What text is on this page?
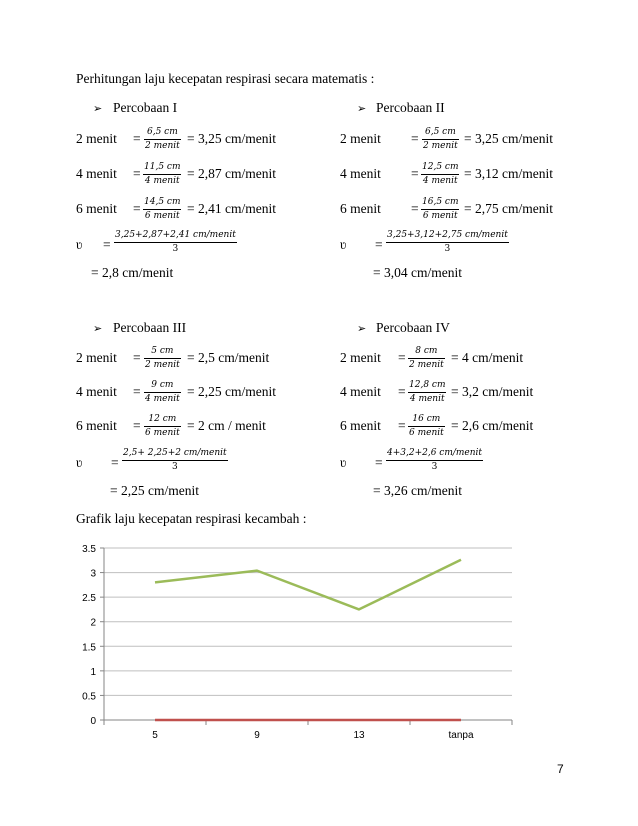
Perhitungan laju kecepatan respirasi secara matematis :
➢ Percobaan I
2 menit = 6,5 cm
2 menit = 3,25 cm/menit
4 menit = 11,5 cm
4 menit = 2,87 cm/menit
6 menit = 14,5 cm
6 menit = 2,41 cm/menit
ʋ =
3,25+2,87+2,41 cm/menit
3
= 2,8 cm/menit
➢ Percobaan II
2 menit = 6,5 cm
2 menit = 3,25 cm/menit
4 menit = 12,5 cm
4 menit = 3,12 cm/menit
6 menit = 16,5 cm
6 menit = 2,75 cm/menit
ʋ =
3,25+3,12+2,75 cm/menit
3
= 3,04 cm/menit
➢ Percobaan III
2 menit = 5 cm
2 menit = 2,5 cm/menit
4 menit = 9 cm
4 menit = 2,25 cm/menit
6 menit = 12 cm
6 menit = 2 cm / menit
ʋ =
2,5+ 2,25+2 cm/menit
3
= 2,25 cm/menit
➢ Percobaan IV
2 menit = 8 cm
2 menit = 4 cm/menit
4 menit = 12,8 cm
4 menit = 3,2 cm/menit
6 menit = 16 cm
6 menit = 2,6 cm/menit
ʋ =
4+3,2+2,6 cm/menit
3
= 3,26 cm/menit
Grafik laju kecepatan respirasi kecambah :
0
0.5
1
1.5
2
2.5
3
3.5
5	9	13	tanpa
7
